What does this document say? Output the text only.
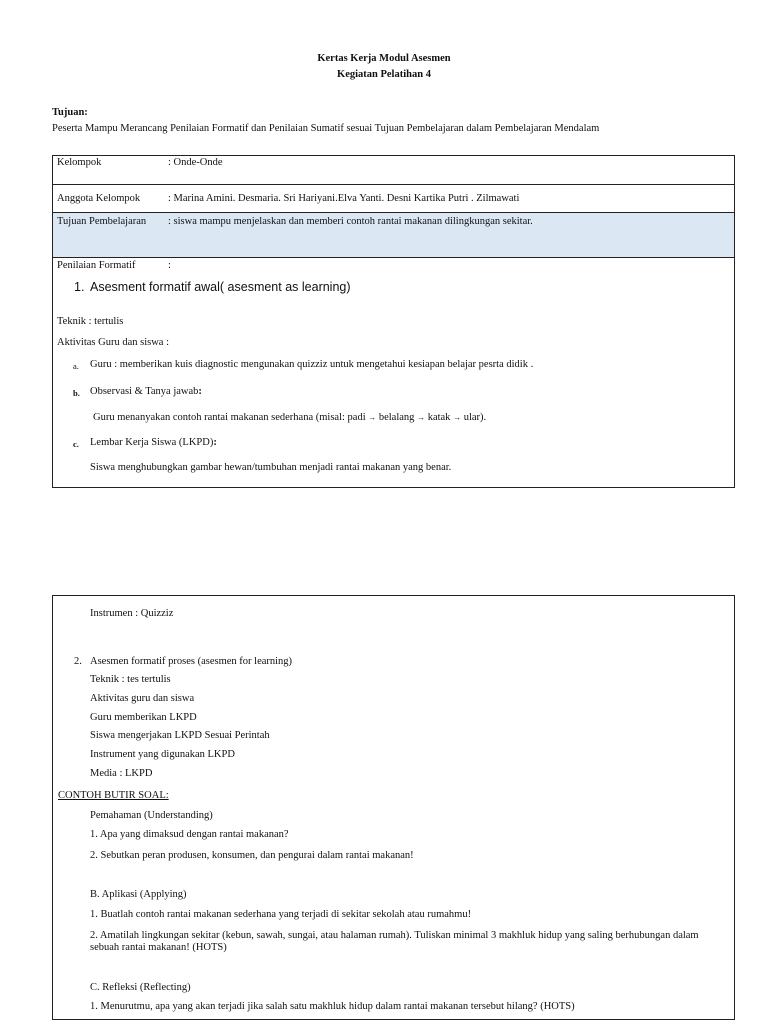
Kertas Kerja Modul Asesmen
Kegiatan Pelatihan 4
Tujuan:
Peserta Mampu Merancang Penilaian Formatif dan Penilaian Sumatif sesuai Tujuan Pembelajaran dalam Pembelajaran Mendalam
Kelompok	: Onde-Onde
Anggota Kelompok	: Marina Amini. Desmaria. Sri Hariyani.Elva Yanti. Desni Kartika Putri . Zilmawati
Tujuan Pembelajaran : siswa mampu menjelaskan dan memberi contoh rantai makanan dilingkungan sekitar.
Penilaian Formatif	:
1. Asesment formatif awal( asesment as learning)
Teknik : tertulis
Aktivitas Guru dan siswa :
a. Guru : memberikan kuis diagnostic mengunakan quizziz untuk mengetahui kesiapan belajar pesrta didik .
b. Observasi & Tanya jawab:
Guru menanyakan contoh rantai makanan sederhana (misal: padi → belalang → katak → ular).
c. Lembar Kerja Siswa (LKPD):
Siswa menghubungkan gambar hewan/tumbuhan menjadi rantai makanan yang benar.
Instrumen : Quizziz
2. Asesmen formatif proses (asesmen for learning)
Teknik : tes tertulis
Aktivitas guru dan siswa
Guru memberikan LKPD
Siswa mengerjakan LKPD Sesuai Perintah
Instrument yang digunakan LKPD
Media : LKPD
CONTOH BUTIR SOAL:
Pemahaman (Understanding)
1. Apa yang dimaksud dengan rantai makanan?
2. Sebutkan peran produsen, konsumen, dan pengurai dalam rantai makanan!
B. Aplikasi (Applying)
1. Buatlah contoh rantai makanan sederhana yang terjadi di sekitar sekolah atau rumahmu!
2. Amatilah lingkungan sekitar (kebun, sawah, sungai, atau halaman rumah). Tuliskan minimal 3 makhluk hidup yang saling berhubungan dalam sebuah rantai makanan! (HOTS)
C. Refleksi (Reflecting)
1. Menurutmu, apa yang akan terjadi jika salah satu makhluk hidup dalam rantai makanan tersebut hilang? (HOTS)
